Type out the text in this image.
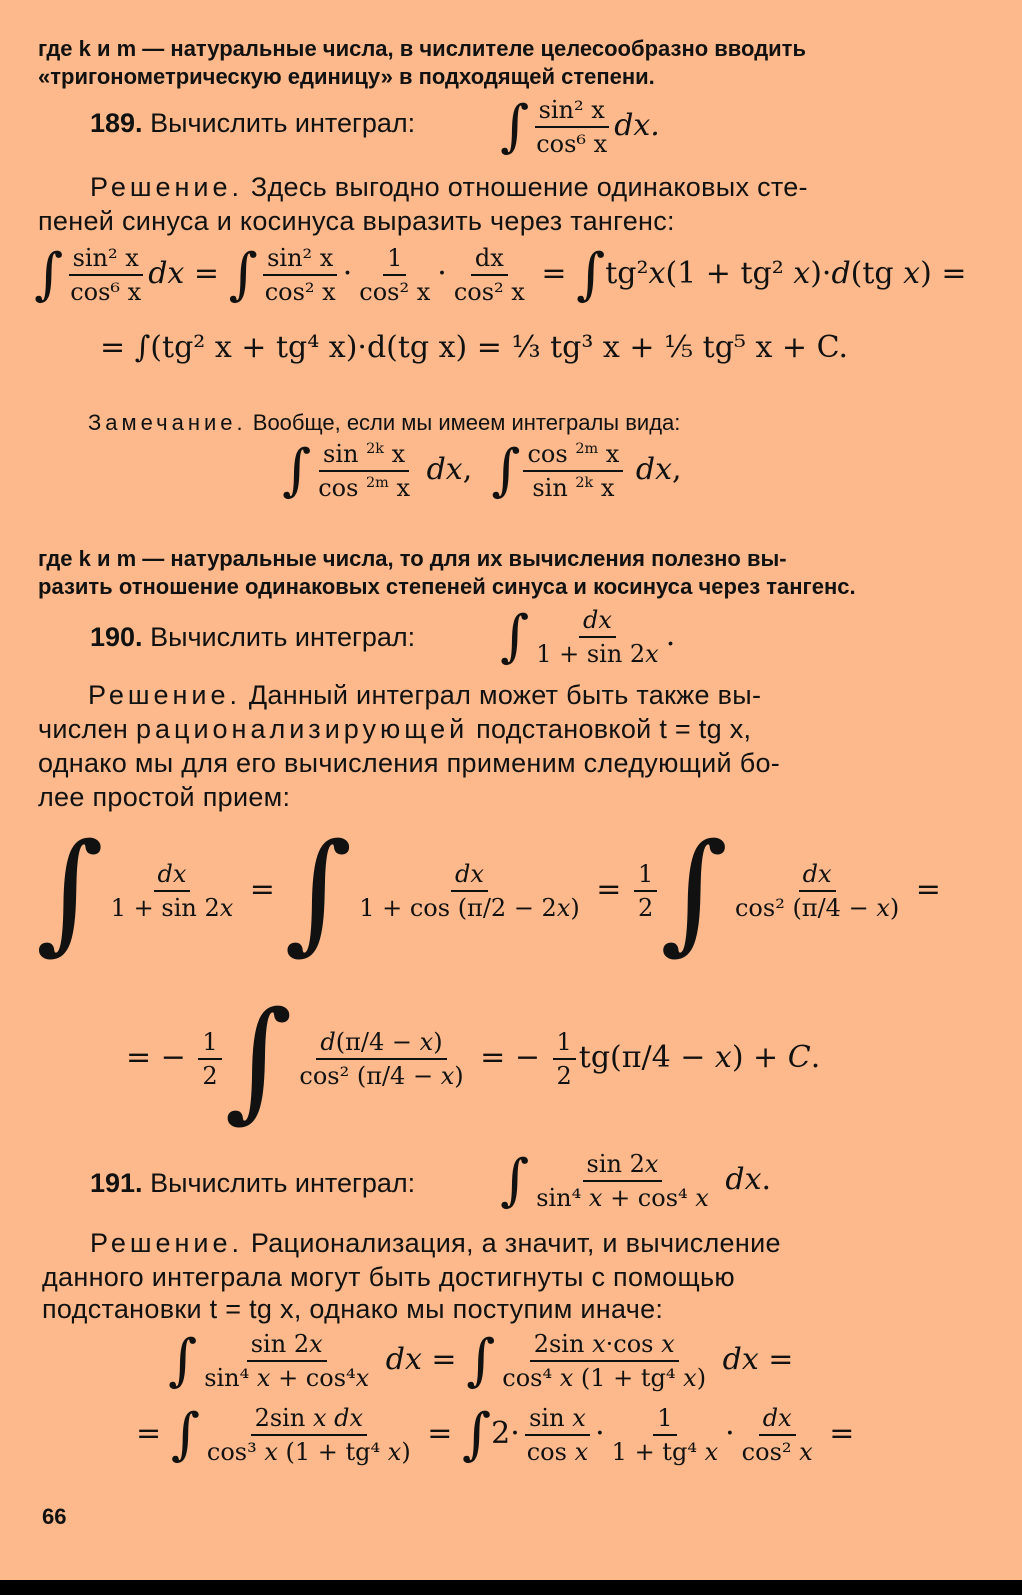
где k и m — натуральные числа, в числителе целесообразно вводить
«тригонометрическую единицу» в подходящей степени.
189. Вычислить интеграл: ∫ $\frac{\text{sin² x}}{\text{cos⁶ x}}$ dx.
Решение. Здесь выгодно отношение одинаковых сте-
пеней синуса и косинуса выразить через тангенс:
∫ $\frac{\text{sin² x}}{\text{cos⁶ x}}$ dx = ∫ $\frac{\text{sin² x}}{\text{cos² x}} \cdot \frac{1}{\text{cos² x}} \cdot \frac{dx}{\text{cos² x}} = \int tg^2x(1 + tg^2$ x)·d(tg x) =
= ∫(tg² x + tg⁴ x)·d(tg x) = ⅓ tg³ x + ⅕ tg⁵ x + C.
Замечание. Вообще, если мы имеем интегралы вида:
∫ $\frac{\sin ^{2k} x}{\cos ^{2m} x}$ dx,  ∫ $\frac{\cos ^{2m} x}{\sin ^{2k} x}$ dx,
где k и m — натуральные числа, то для их вычисления полезно вы-
разить отношение одинаковых степеней синуса и косинуса через тангенс.
190. Вычислить интеграл: ∫ $\frac{dx}{1 + \sin 2x}$ .
Решение. Данный интеграл может быть также вы-
числен рационализирующей подстановкой t = tg x,
однако мы для его вычисления применим следующий бо-
лее простой прием:
∫ $\frac{dx}{1 + \sin 2x}$ = ∫ $\frac{dx}{1 + \cos (\pi/2 - 2x)} = \frac{1}{2}$ ∫ $\frac{dx}{\text{cos² (π/4 − x)}}$ =
= − $\frac{1}{2}$ ∫ $\frac{d(\pi/4 - x)}{\text{cos² (π/4 − x)}}$ = − $\frac{1}{2} tg(\pi/4 - x) + C$.
191. Вычислить интеграл: ∫ $\frac{\sin 2x}{\text{sin⁴ x + cos⁴ x}}$ dx.
Решение. Рационализация, а значит, и вычисление
данного интеграла могут быть достигнуты с помощью
подстановки t = tg x, однако мы поступим иначе:
∫ $\frac{\sin 2x}{\text{sin⁴ x + cos⁴x}}$ dx = ∫ $\frac{\text{2sin x·cos x}}{\text{cos⁴ x (1 + tg⁴ x)}}$ dx =
= ∫ $\frac{\text{2sin x dx}}{\text{cos³ x (1 + tg⁴ x)}} = \int 2\cdot \frac{\text{sin x}}{\text{cos x}} \cdot \frac{1}{\text{1 + tg⁴ x}} \cdot \frac{dx}{\text{cos² x}}$ =
66
